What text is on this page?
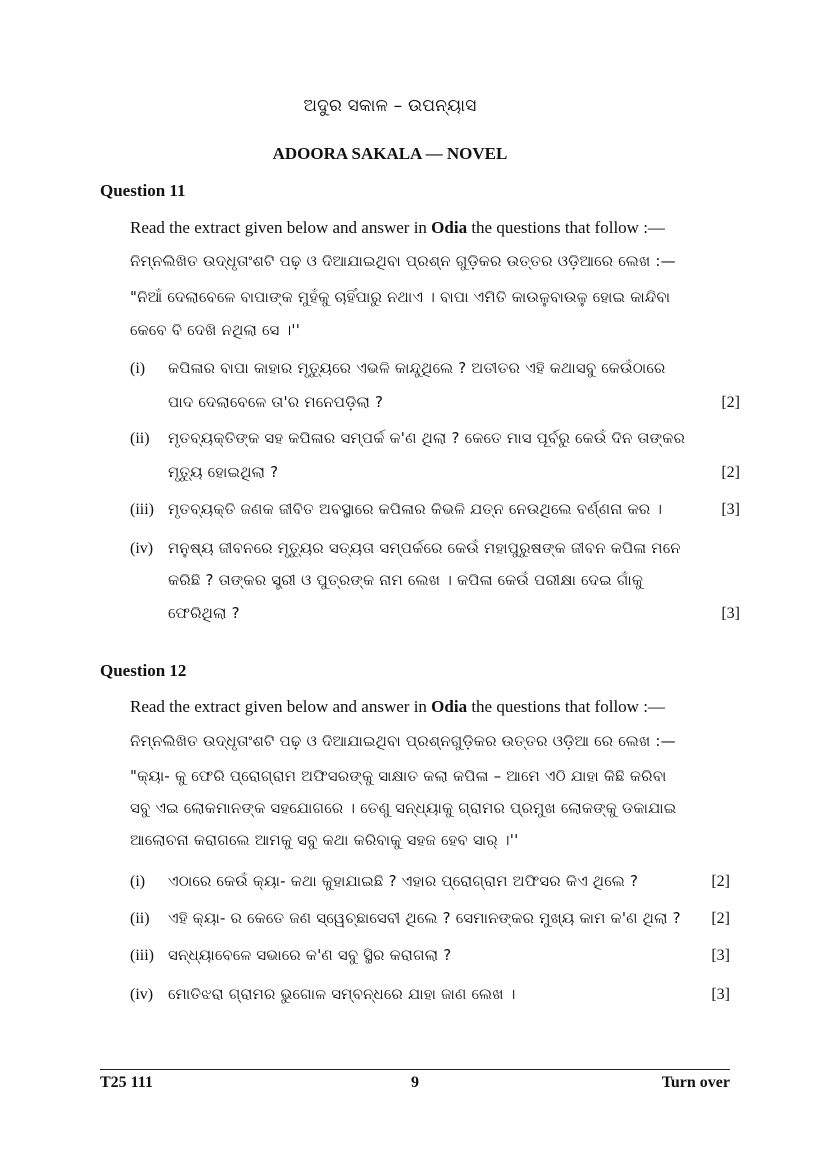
ଅଦୁର ସକାଳ – ଉପନ୍ୟାସ
ADOORA SAKALA — NOVEL
Question 11
Read the extract given below and answer in Odia the questions that follow :—
ନିମ୍ନଲିଖିତ ଉଦ୍ଧୃତାଂଶଟି ପଢ଼ ଓ ଦିଆଯାଇଥିବା ପ୍ରଶ୍ନ ଗୁଡ଼ିକର ଉତ୍ତର ଓଡ଼ିଆରେ ଲେଖ :—
"ନିଆଁ ଦେଲାବେଳେ ବାପାଙ୍କ ମୁହଁକୁ ଚାହିଁପାରୁ ନଥାଏ । ବାପା ଏମିତି କାଉଳୁବାଉଳୁ ହୋଇ କାନ୍ଦିବା
କେବେ ବି ଦେଖି ନଥିଲା ସେ ।''
(i) କପିଳାର ବାପା କାହାର ମୃତ୍ୟୁରେ ଏଭଳି କାନ୍ଦୁଥିଲେ ? ଅତୀତର ଏହି କଥାସବୁ କେଉଁଠାରେ
ପାଦ ଦେଲାବେଳେ ତା'ର ମନେପଡ଼ିଲା ?	[2]
(ii) ମୃତବ୍ୟକ୍ତିଙ୍କ ସହ କପିଳାର ସମ୍ପର୍କ କ'ଣ ଥିଲା ? କେତେ ମାସ ପୂର୍ବରୁ କେଉଁ ଦିନ ତାଙ୍କର
ମୃତ୍ୟୁ ହୋଇଥିଲା ?	[2]
(iii) ମୃତବ୍ୟକ୍ତି ଜଣକ ଜୀବିତ ଅବସ୍ଥାରେ କପିଳାର କିଭଳି ଯତ୍ନ ନେଉଥିଲେ ବର୍ଣ୍ଣନା କର ।	[3]
(iv) ମନୁଷ୍ୟ ଜୀବନରେ ମୃତ୍ୟୁର ସତ୍ୟତା ସମ୍ପର୍କରେ କେଉଁ ମହାପୁରୁଷଙ୍କ ଜୀବନ କପିଳା ମନେ
କରିଛି ? ତାଙ୍କର ସ୍ତ୍ରୀ ଓ ପୁତ୍ରଙ୍କ ନାମ ଲେଖ । କପିଳା କେଉଁ ପରୀକ୍ଷା ଦେଇ ଗାଁକୁ
ଫେରିଥିଲା ?	[3]
Question 12
Read the extract given below and answer in Odia the questions that follow :—
ନିମ୍ନଲିଖିତ ଉଦ୍ଧୃତାଂଶଟି ପଢ଼ ଓ ଦିଆଯାଇଥିବା ପ୍ରଶ୍ନଗୁଡ଼ିକର ଉତ୍ତର ଓଡ଼ିଆ ରେ ଲେଖ :—
"କ୍ୟା- କୁ ଫେରି ପ୍ରୋଗ୍ରାମ ଅଫିସରଙ୍କୁ ସାକ୍ଷାତ କଲା କପିଳା – ଆମେ ଏଠି ଯାହା କିଛି କରିବା
ସବୁ ଏଇ ଲୋକମାନଙ୍କ ସହଯୋଗରେ । ତେଣୁ ସନ୍ଧ୍ୟାକୁ ଗ୍ରାମର ପ୍ରମୁଖ ଲୋକଙ୍କୁ ଡକାଯାଇ
ଆଲୋଚନା କରାଗଲେ ଆମକୁ ସବୁ କଥା କରିବାକୁ ସହଜ ହେବ ସାର୍ ।''
(i) ଏଠାରେ କେଉଁ କ୍ୟା- କଥା କୁହାଯାଇଛି ? ଏହାର ପ୍ରୋଗ୍ରାମ ଅଫିସର କିଏ ଥିଲେ ?	[2]
(ii) ଏହି କ୍ୟା- ର କେତେ ଜଣ ସ୍ୱେଚ୍ଛାସେବୀ ଥିଲେ ? ସେମାନଙ୍କର ମୁଖ୍ୟ କାମ କ'ଣ ଥିଲା ? [2]
(iii) ସନ୍ଧ୍ୟାବେଳେ ସଭାରେ କ'ଣ ସବୁ ସ୍ଥିର କରାଗଲା ?	[3]
(iv) ମୋତିଝରା ଗ୍ରାମର ଭୁଗୋଳ ସମ୍ବନ୍ଧରେ ଯାହା ଜାଣ ଲେଖ ।	[3]
T25 111	9	Turn over
